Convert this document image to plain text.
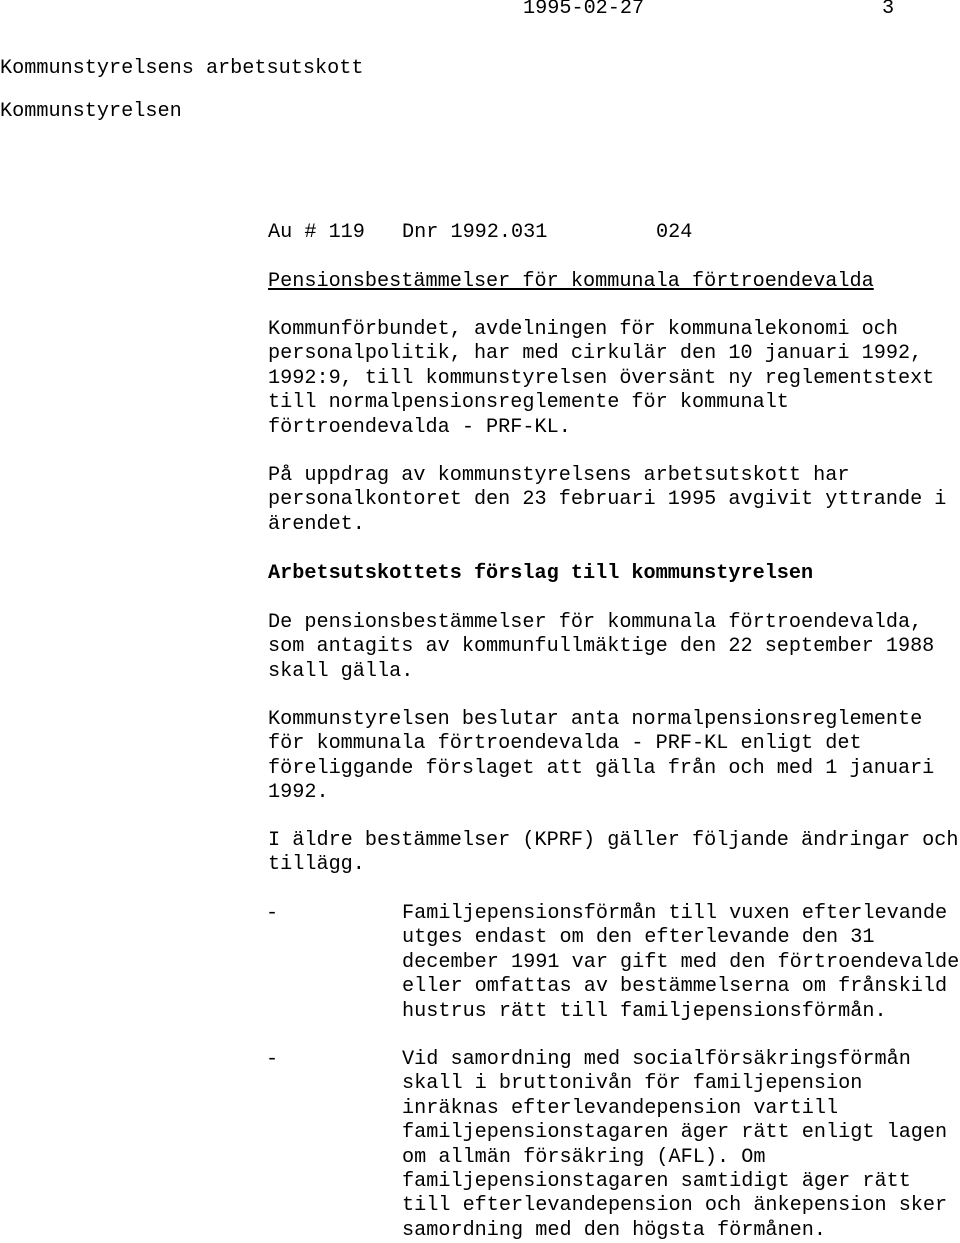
1995-02-27	3
Kommunstyrelsens arbetsutskott
Kommunstyrelsen
Au # 119 Dnr 1992.031	024
Pensionsbestämmelser för kommunala förtroendevalda
Kommunförbundet, avdelningen för kommunalekonomi och
personalpolitik, har med cirkulär den 10 januari 1992,
1992:9, till kommunstyrelsen översänt ny reglementstext
till normalpensionsreglemente för kommunalt
förtroendevalda - PRF-KL.
På uppdrag av kommunstyrelsens arbetsutskott har
personalkontoret den 23 februari 1995 avgivit yttrande i
ärendet.
Arbetsutskottets förslag till kommunstyrelsen
De pensionsbestämmelser för kommunala förtroendevalda,
som antagits av kommunfullmäktige den 22 september 1988
skall gälla.
Kommunstyrelsen beslutar anta normalpensionsreglemente
för kommunala förtroendevalda - PRF-KL enligt det
föreliggande förslaget att gälla från och med 1 januari
1992.
I äldre bestämmelser (KPRF) gäller följande ändringar och
tillägg.
-	Familjepensionsförmån till vuxen efterlevande
utges endast om den efterlevande den 31
december 1991 var gift med den förtroendevalde
eller omfattas av bestämmelserna om frånskild
hustrus rätt till familjepensionsförmån.
-	Vid samordning med socialförsäkringsförmån
skall i bruttonivån för familjepension
inräknas efterlevandepension vartill
familjepensionstagaren äger rätt enligt lagen
om allmän försäkring (AFL). Om
familjepensionstagaren samtidigt äger rätt
till efterlevandepension och änkepension sker
samordning med den högsta förmånen.
